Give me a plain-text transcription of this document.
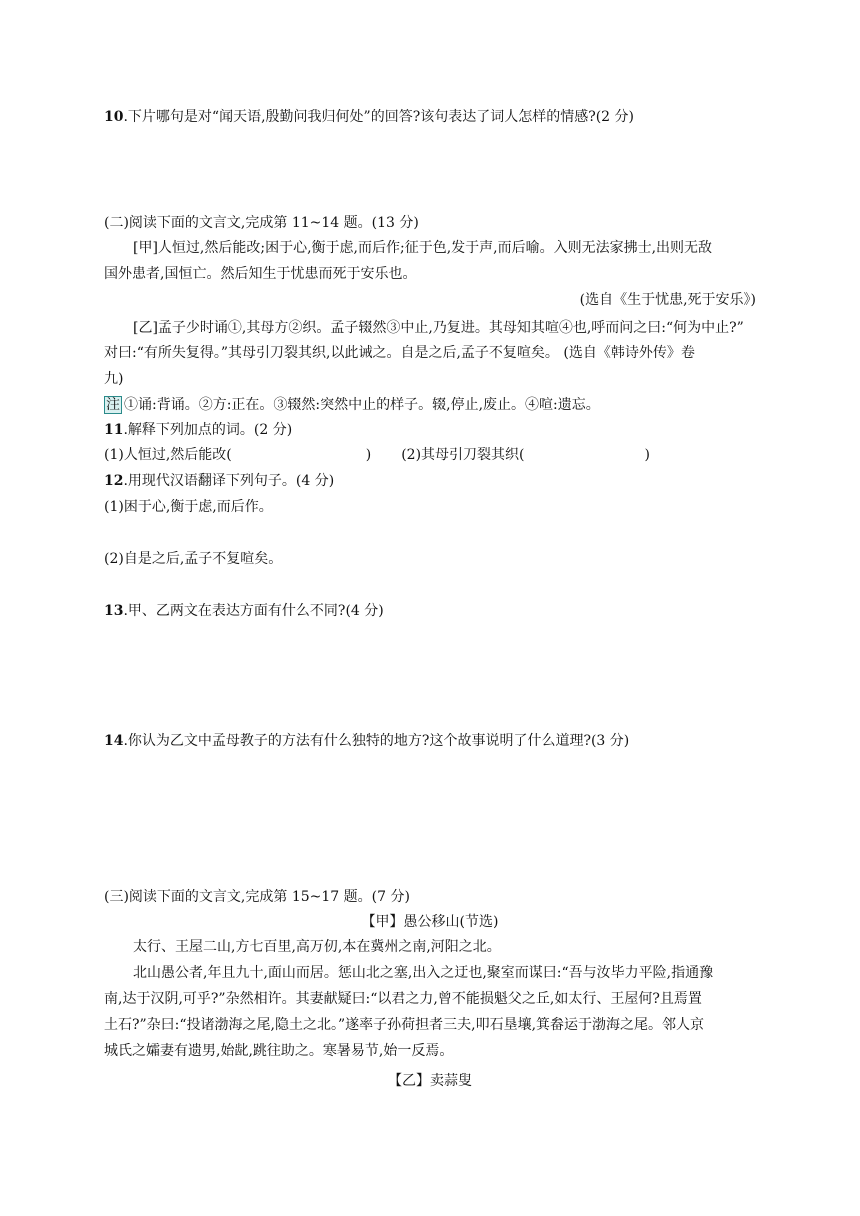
10.下片哪句是对“闻天语,殷勤问我归何处”的回答?该句表达了词人怎样的情感?(2 分)
(二)阅读下面的文言文,完成第 11~14 题。(13 分)
[甲]人恒过,然后能改;困于心,衡于虑,而后作;征于色,发于声,而后喻。入则无法家拂士,出则无敌
国外患者,国恒亡。然后知生于忧患而死于安乐也。
(选自《生于忧患,死于安乐》)
[乙]孟子少时诵①,其母方②织。孟子辍然③中止,乃复进。其母知其喧④也,呼而问之曰:“何为中止?”
对曰:“有所失复得。”其母引刀裂其织,以此诫之。自是之后,孟子不复喧矣。 (选自《韩诗外传》卷
九)
注 ①诵:背诵。②方:正在。③辍然:突然中止的样子。辍,停止,废止。④喧:遗忘。
11.解释下列加点的词。(2 分)
(1)人恒过,然后能改(	) (2)其母引刀裂其织(	)
12.用现代汉语翻译下列句子。(4 分)
(1)困于心,衡于虑,而后作。
(2)自是之后,孟子不复喧矣。
13.甲、乙两文在表达方面有什么不同?(4 分)
14.你认为乙文中孟母教子的方法有什么独特的地方?这个故事说明了什么道理?(3 分)
(三)阅读下面的文言文,完成第 15~17 题。(7 分)
【甲】愚公移山(节选)
太行、王屋二山,方七百里,高万仞,本在冀州之南,河阳之北。
北山愚公者,年且九十,面山而居。惩山北之塞,出入之迂也,聚室而谋曰:“吾与汝毕力平险,指通豫
南,达于汉阴,可乎?”杂然相许。其妻献疑曰:“以君之力,曾不能损魁父之丘,如太行、王屋何?且焉置
土石?”杂曰:“投诸渤海之尾,隐土之北。”遂率子孙荷担者三夫,叩石垦壤,箕畚运于渤海之尾。邻人京
城氏之孀妻有遗男,始龀,跳往助之。寒暑易节,始一反焉。
【乙】卖蒜叟
